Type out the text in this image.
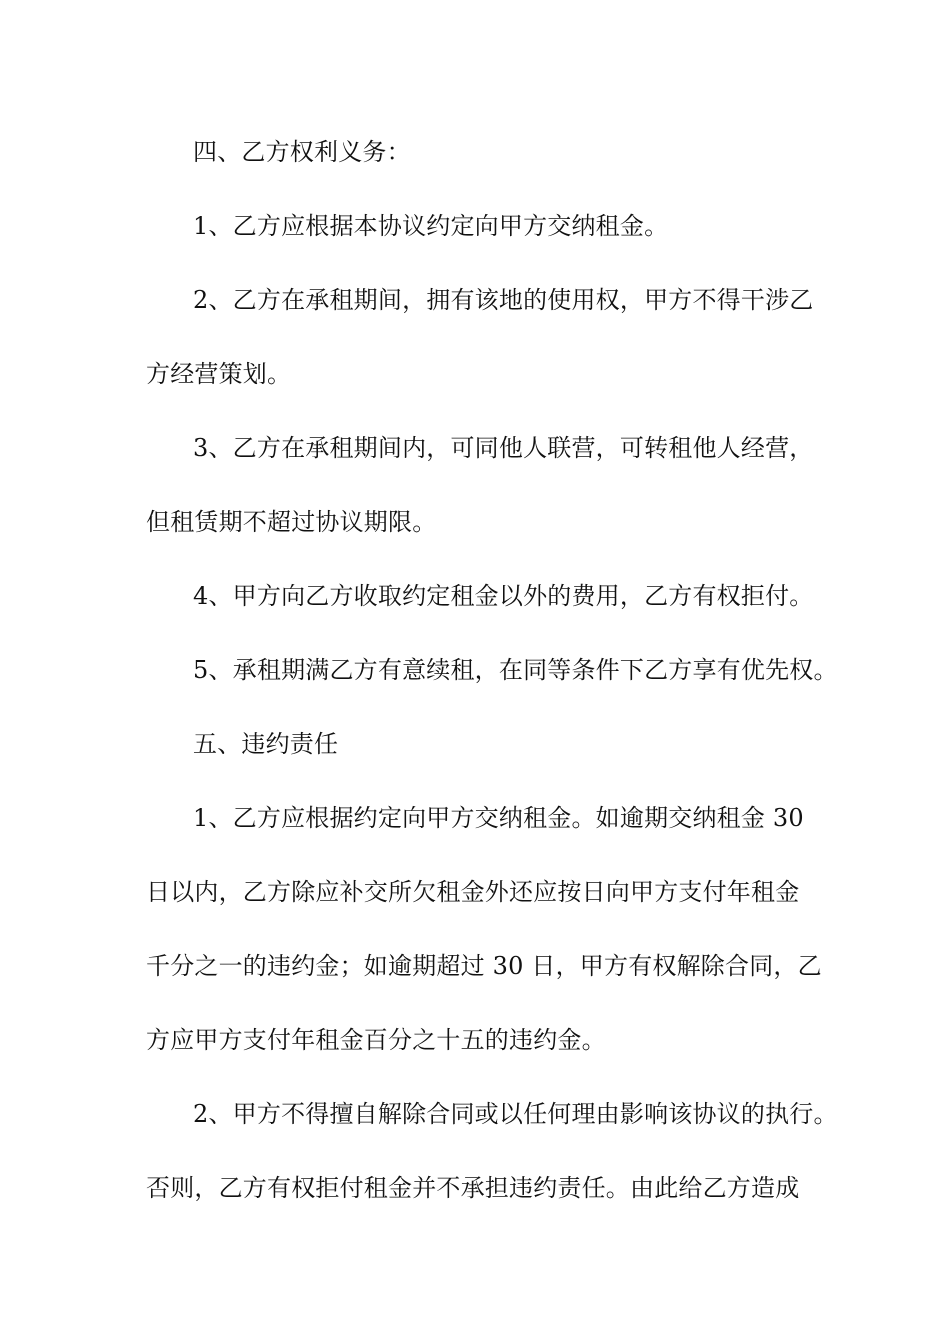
四、乙方权利义务：
1、乙方应根据本协议约定向甲方交纳租金。
2、乙方在承租期间，拥有该地的使用权，甲方不得干涉乙
方经营策划。
3、乙方在承租期间内，可同他人联营，可转租他人经营，
但租赁期不超过协议期限。
4、甲方向乙方收取约定租金以外的费用，乙方有权拒付。
5、承租期满乙方有意续租，在同等条件下乙方享有优先权。
五、违约责任
1、乙方应根据约定向甲方交纳租金。如逾期交纳租金 30
日以内，乙方除应补交所欠租金外还应按日向甲方支付年租金
千分之一的违约金；如逾期超过 30 日，甲方有权解除合同，乙
方应甲方支付年租金百分之十五的违约金。
2、甲方不得擅自解除合同或以任何理由影响该协议的执行。
否则，乙方有权拒付租金并不承担违约责任。由此给乙方造成
